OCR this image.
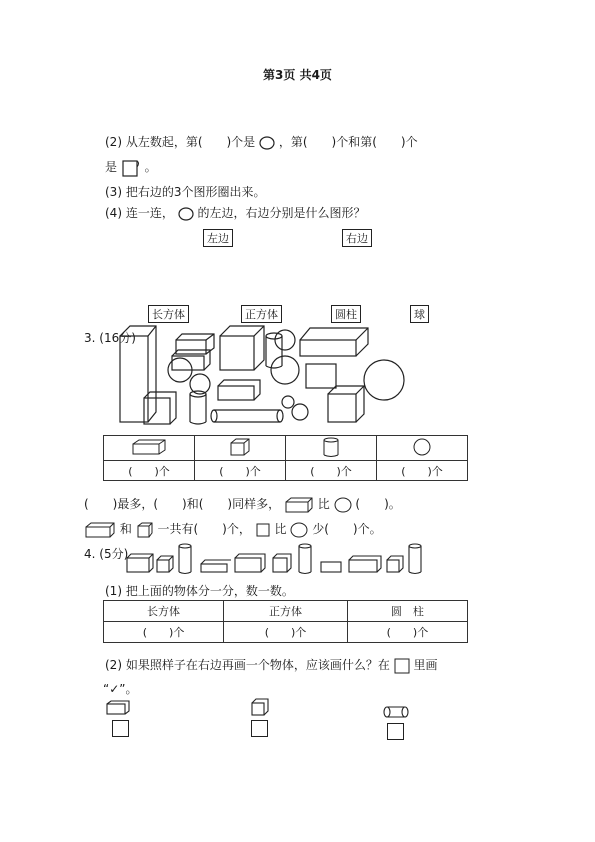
第3页 共4页
(2) 从左数起，第(　　)个是 ，第(　　)个和第(　　)个
是 。
(3) 把右边的3个图形圈出来。
(4) 连一连， 的左边，右边分别是什么图形？
左边	右边
长方体	正方体	圆柱	球
3. (16分)

(　　)个	(　　)个	(　　)个	(　　)个
(　　)最多，(　　)和(　　)同样多，	比 (　　)。
和 一共有(　　)个， 比 少(　　)个。
4. (5分)
(1) 把上面的物体分一分，数一数。
长方体	正方体	圆　柱
(　　)个	(　　)个	(　　)个
(2) 如果照样子在右边再画一个物体，应该画什么？在 里画
“✓”。
